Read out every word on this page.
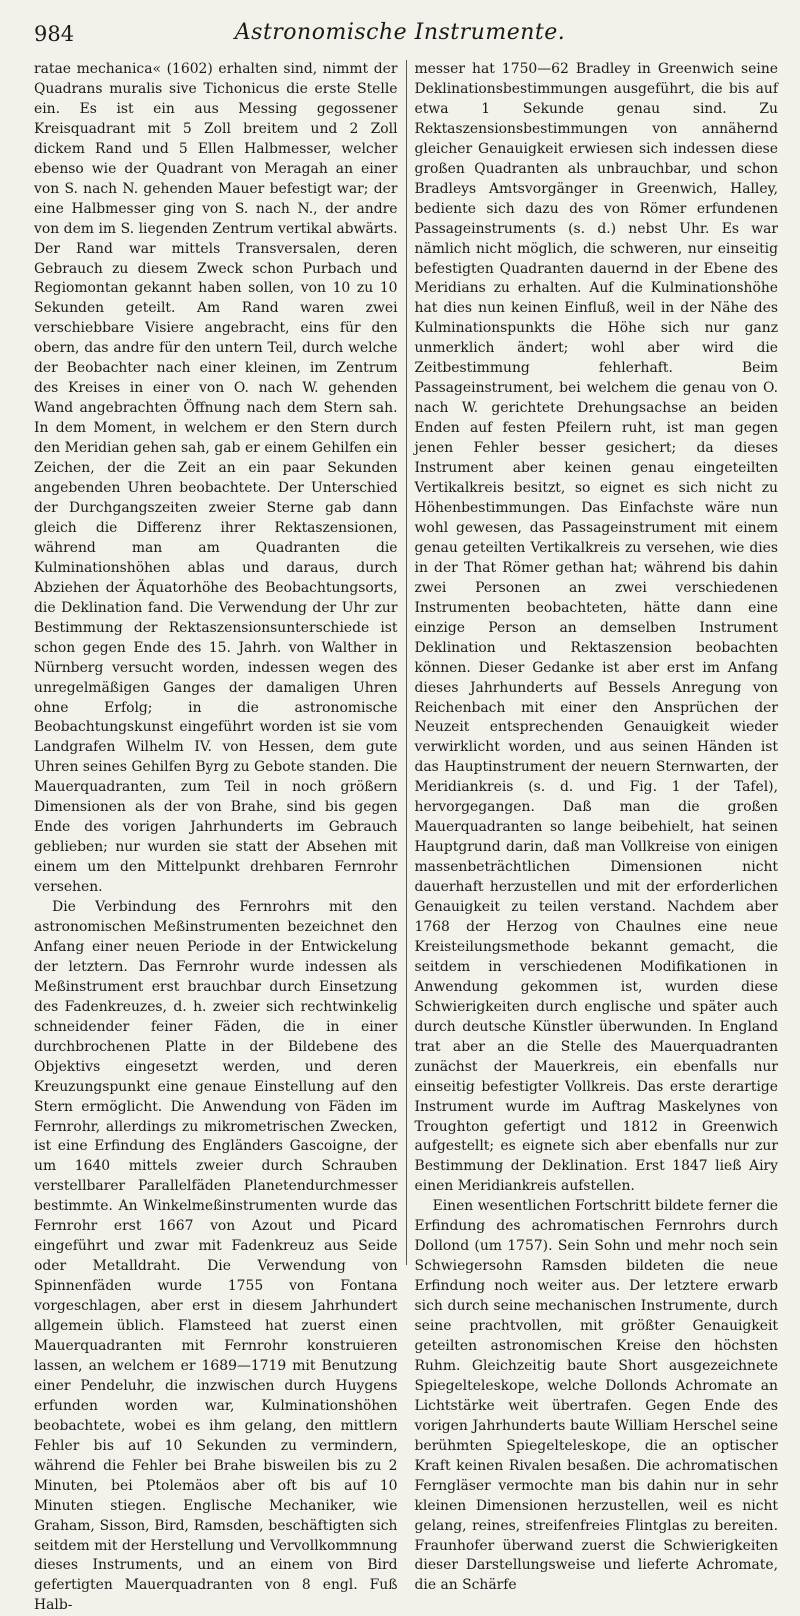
984	Astronomische Instrumente.

ratae mechanica« (1602) erhalten sind, nimmt der Quadrans muralis sive Tichonicus die erste Stelle ein. Es ist ein aus Messing gegossener Kreisquadrant mit 5 Zoll breitem und 2 Zoll dickem Rand und 5 Ellen Halbmesser, welcher ebenso wie der Quadrant von Meragah an einer von S. nach N. gehenden Mauer befestigt war; der eine Halbmesser ging von S. nach N., der andre von dem im S. liegenden Zentrum vertikal abwärts. Der Rand war mittels Transversalen, deren Gebrauch zu diesem Zweck schon Purbach und Regiomontan gekannt haben sollen, von 10 zu 10 Sekunden geteilt. Am Rand waren zwei verschiebbare Visiere angebracht, eins für den obern, das andre für den untern Teil, durch welche der Beobachter nach einer kleinen, im Zentrum des Kreises in einer von O. nach W. gehenden Wand angebrachten Öffnung nach dem Stern sah. In dem Moment, in welchem er den Stern durch den Meridian gehen sah, gab er einem Gehilfen ein Zeichen, der die Zeit an ein paar Sekunden angebenden Uhren beobachtete. Der Unterschied der Durchgangszeiten zweier Sterne gab dann gleich die Differenz ihrer Rektaszensionen, während man am Quadranten die Kulminationshöhen ablas und daraus, durch Abziehen der Äquatorhöhe des Beobachtungsorts, die Deklination fand. Die Verwendung der Uhr zur Bestimmung der Rektaszensionsunterschiede ist schon gegen Ende des 15. Jahrh. von Walther in Nürnberg versucht worden, indessen wegen des unregelmäßigen Ganges der damaligen Uhren ohne Erfolg; in die astronomische Beobachtungskunst eingeführt worden ist sie vom Landgrafen Wilhelm IV. von Hessen, dem gute Uhren seines Gehilfen Byrg zu Gebote standen. Die Mauerquadranten, zum Teil in noch größern Dimensionen als der von Brahe, sind bis gegen Ende des vorigen Jahrhunderts im Gebrauch geblieben; nur wurden sie statt der Absehen mit einem um den Mittelpunkt drehbaren Fernrohr versehen.

Die Verbindung des Fernrohrs mit den astronomischen Meßinstrumenten bezeichnet den Anfang einer neuen Periode in der Entwickelung der letztern. Das Fernrohr wurde indessen als Meßinstrument erst brauchbar durch Einsetzung des Fadenkreuzes, d. h. zweier sich rechtwinkelig schneidender feiner Fäden, die in einer durchbrochenen Platte in der Bildebene des Objektivs eingesetzt werden, und deren Kreuzungspunkt eine genaue Einstellung auf den Stern ermöglicht. Die Anwendung von Fäden im Fernrohr, allerdings zu mikrometrischen Zwecken, ist eine Erfindung des Engländers Gascoigne, der um 1640 mittels zweier durch Schrauben verstellbarer Parallelfäden Planetendurchmesser bestimmte. An Winkelmeßinstrumenten wurde das Fernrohr erst 1667 von Azout und Picard eingeführt und zwar mit Fadenkreuz aus Seide oder Metalldraht. Die Verwendung von Spinnenfäden wurde 1755 von Fontana vorgeschlagen, aber erst in diesem Jahrhundert allgemein üblich. Flamsteed hat zuerst einen Mauerquadranten mit Fernrohr konstruieren lassen, an welchem er 1689—1719 mit Benutzung einer Pendeluhr, die inzwischen durch Huygens erfunden worden war, Kulminationshöhen beobachtete, wobei es ihm gelang, den mittlern Fehler bis auf 10 Sekunden zu vermindern, während die Fehler bei Brahe bisweilen bis zu 2 Minuten, bei Ptolemäos aber oft bis auf 10 Minuten stiegen. Englische Mechaniker, wie Graham, Sisson, Bird, Ramsden, beschäftigten sich seitdem mit der Herstellung und Vervollkommnung dieses Instruments, und an einem von Bird gefertigten Mauerquadranten von 8 engl. Fuß Halb-

messer hat 1750—62 Bradley in Greenwich seine Deklinationsbestimmungen ausgeführt, die bis auf etwa 1 Sekunde genau sind. Zu Rektaszensionsbestimmungen von annähernd gleicher Genauigkeit erwiesen sich indessen diese großen Quadranten als unbrauchbar, und schon Bradleys Amtsvorgänger in Greenwich, Halley, bediente sich dazu des von Römer erfundenen Passageinstruments (s. d.) nebst Uhr. Es war nämlich nicht möglich, die schweren, nur einseitig befestigten Quadranten dauernd in der Ebene des Meridians zu erhalten. Auf die Kulminationshöhe hat dies nun keinen Einfluß, weil in der Nähe des Kulminationspunkts die Höhe sich nur ganz unmerklich ändert; wohl aber wird die Zeitbestimmung fehlerhaft. Beim Passageinstrument, bei welchem die genau von O. nach W. gerichtete Drehungsachse an beiden Enden auf festen Pfeilern ruht, ist man gegen jenen Fehler besser gesichert; da dieses Instrument aber keinen genau eingeteilten Vertikalkreis besitzt, so eignet es sich nicht zu Höhenbestimmungen. Das Einfachste wäre nun wohl gewesen, das Passageinstrument mit einem genau geteilten Vertikalkreis zu versehen, wie dies in der That Römer gethan hat; während bis dahin zwei Personen an zwei verschiedenen Instrumenten beobachteten, hätte dann eine einzige Person an demselben Instrument Deklination und Rektaszension beobachten können. Dieser Gedanke ist aber erst im Anfang dieses Jahrhunderts auf Bessels Anregung von Reichenbach mit einer den Ansprüchen der Neuzeit entsprechenden Genauigkeit wieder verwirklicht worden, und aus seinen Händen ist das Hauptinstrument der neuern Sternwarten, der Meridiankreis (s. d. und Fig. 1 der Tafel), hervorgegangen. Daß man die großen Mauerquadranten so lange beibehielt, hat seinen Hauptgrund darin, daß man Vollkreise von einigen massenbeträchtlichen Dimensionen nicht dauerhaft herzustellen und mit der erforderlichen Genauigkeit zu teilen verstand. Nachdem aber 1768 der Herzog von Chaulnes eine neue Kreisteilungsmethode bekannt gemacht, die seitdem in verschiedenen Modifikationen in Anwendung gekommen ist, wurden diese Schwierigkeiten durch englische und später auch durch deutsche Künstler überwunden. In England trat aber an die Stelle des Mauerquadranten zunächst der Mauerkreis, ein ebenfalls nur einseitig befestigter Vollkreis. Das erste derartige Instrument wurde im Auftrag Maskelynes von Troughton gefertigt und 1812 in Greenwich aufgestellt; es eignete sich aber ebenfalls nur zur Bestimmung der Deklination. Erst 1847 ließ Airy einen Meridiankreis aufstellen.

Einen wesentlichen Fortschritt bildete ferner die Erfindung des achromatischen Fernrohrs durch Dollond (um 1757). Sein Sohn und mehr noch sein Schwiegersohn Ramsden bildeten die neue Erfindung noch weiter aus. Der letztere erwarb sich durch seine mechanischen Instrumente, durch seine prachtvollen, mit größter Genauigkeit geteilten astronomischen Kreise den höchsten Ruhm. Gleichzeitig baute Short ausgezeichnete Spiegelteleskope, welche Dollonds Achromate an Lichtstärke weit übertrafen. Gegen Ende des vorigen Jahrhunderts baute William Herschel seine berühmten Spiegelteleskope, die an optischer Kraft keinen Rivalen besaßen. Die achromatischen Ferngläser vermochte man bis dahin nur in sehr kleinen Dimensionen herzustellen, weil es nicht gelang, reines, streifenfreies Flintglas zu bereiten. Fraunhofer überwand zuerst die Schwierigkeiten dieser Darstellungsweise und lieferte Achromate, die an Schärfe
